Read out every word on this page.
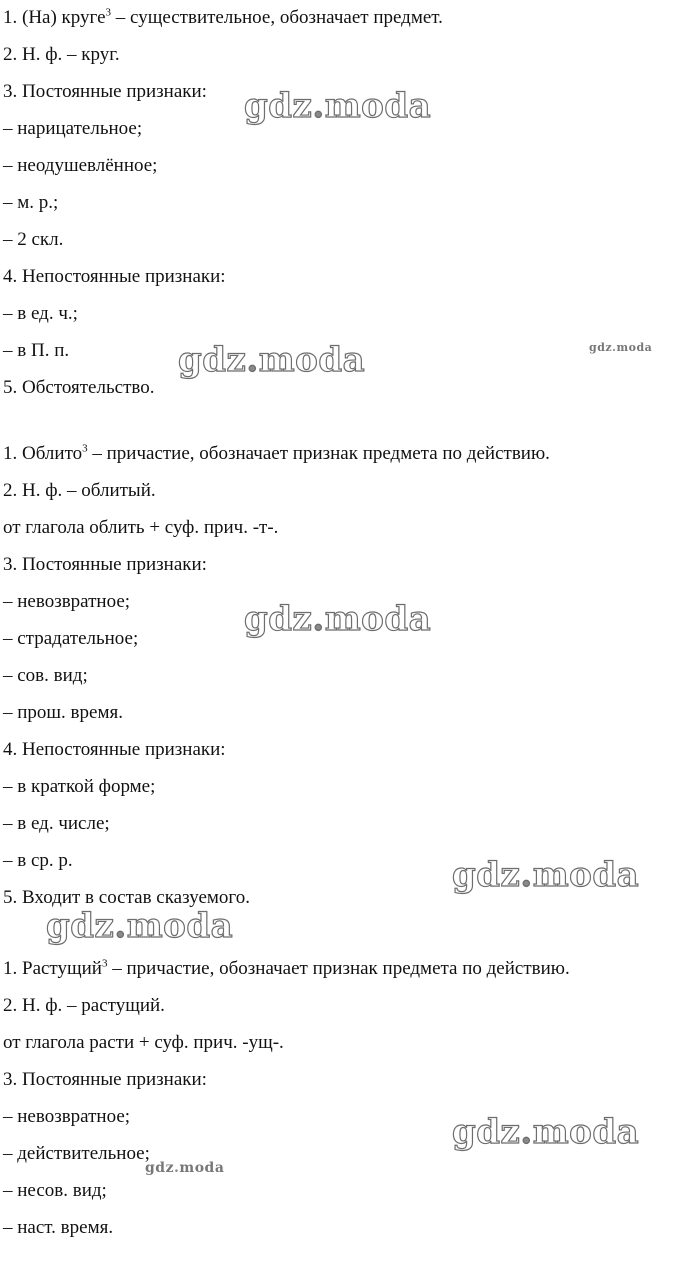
1. (На) круге$^3$ – существительное, обозначает предмет.
2. Н. ф. – круг.
3. Постоянные признаки:
– нарицательное;
– неодушевлённое;
– м. р.;
– 2 скл.
4. Непостоянные признаки:
– в ед. ч.;
– в П. п.
5. Обстоятельство.
1. Облито$^3$ – причастие, обозначает признак предмета по действию.
2. Н. ф. – облитый.
от глагола облить + суф. прич. -т-.
3. Постоянные признаки:
– невозвратное;
– страдательное;
– сов. вид;
– прош. время.
4. Непостоянные признаки:
– в краткой форме;
– в ед. числе;
– в ср. р.
5. Входит в состав сказуемого.
1. Растущий$^3$ – причастие, обозначает признак предмета по действию.
2. Н. ф. – растущий.
от глагола расти + суф. прич. -ущ-.
3. Постоянные признаки:
– невозвратное;
– действительное;
– несов. вид;
– наст. время.
gdz.moda
gdz.moda	gdz.moda
gdz.moda
gdz.moda
gdz.moda
gdz.moda
gdz.moda
